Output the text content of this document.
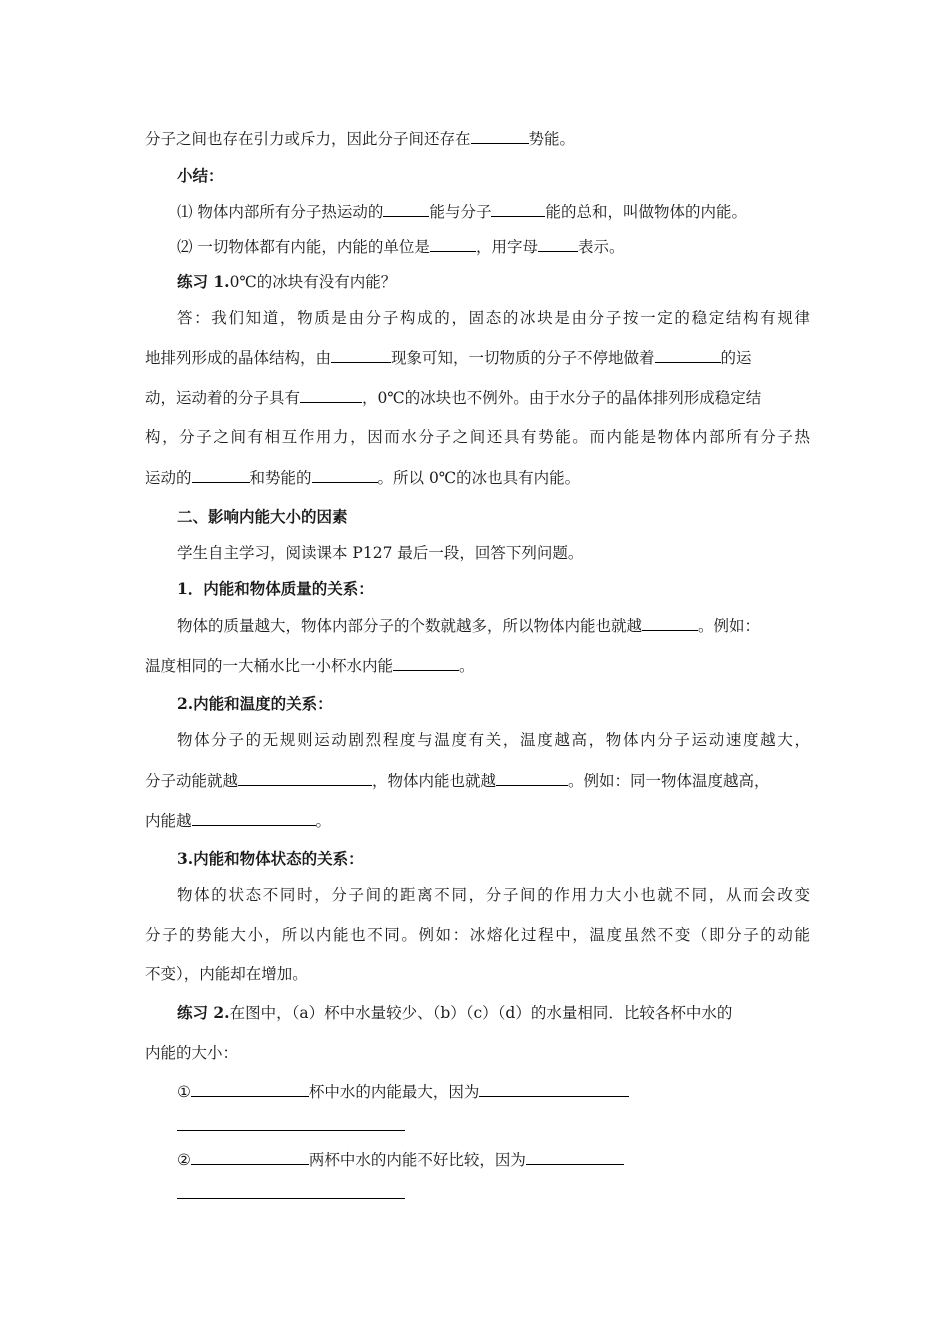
分子之间也存在引力或斥力，因此分子间还存在	势能。
小结：
⑴ 物体内部所有分子热运动的	能与分子	能的总和，叫做物体的内能。
⑵ 一切物体都有内能，内能的单位是	，用字母	表示。
练习 1.0℃的冰块有没有内能？
答：我们知道，物质是由分子构成的，固态的冰块是由分子按一定的稳定结构有规律
地排列形成的晶体结构，由	现象可知，一切物质的分子不停地做着	的运
动，运动着的分子具有	，0℃的冰块也不例外。由于水分子的晶体排列形成稳定结
构，分子之间有相互作用力，因而水分子之间还具有势能。而内能是物体内部所有分子热
运动的	和势能的	。所以 0℃的冰也具有内能。
二、影响内能大小的因素
学生自主学习，阅读课本 P127 最后一段，回答下列问题。
1．内能和物体质量的关系：
物体的质量越大，物体内部分子的个数就越多，所以物体内能也就越	。例如：
温度相同的一大桶水比一小杯水内能	。
2.内能和温度的关系：
物体分子的无规则运动剧烈程度与温度有关，温度越高，物体内分子运动速度越大，
分子动能就越	，物体内能也就越	。例如：同一物体温度越高，
内能越	。
3.内能和物体状态的关系：
物体的状态不同时，分子间的距离不同，分子间的作用力大小也就不同，从而会改变
分子的势能大小，所以内能也不同。例如：冰熔化过程中，温度虽然不变（即分子的动能
不变），内能却在增加。
练习 2.在图中，（a）杯中水量较少、（b）（c）（d）的水量相同．比较各杯中水的
内能的大小：
①	杯中水的内能最大，因为
②	两杯中水的内能不好比较，因为
